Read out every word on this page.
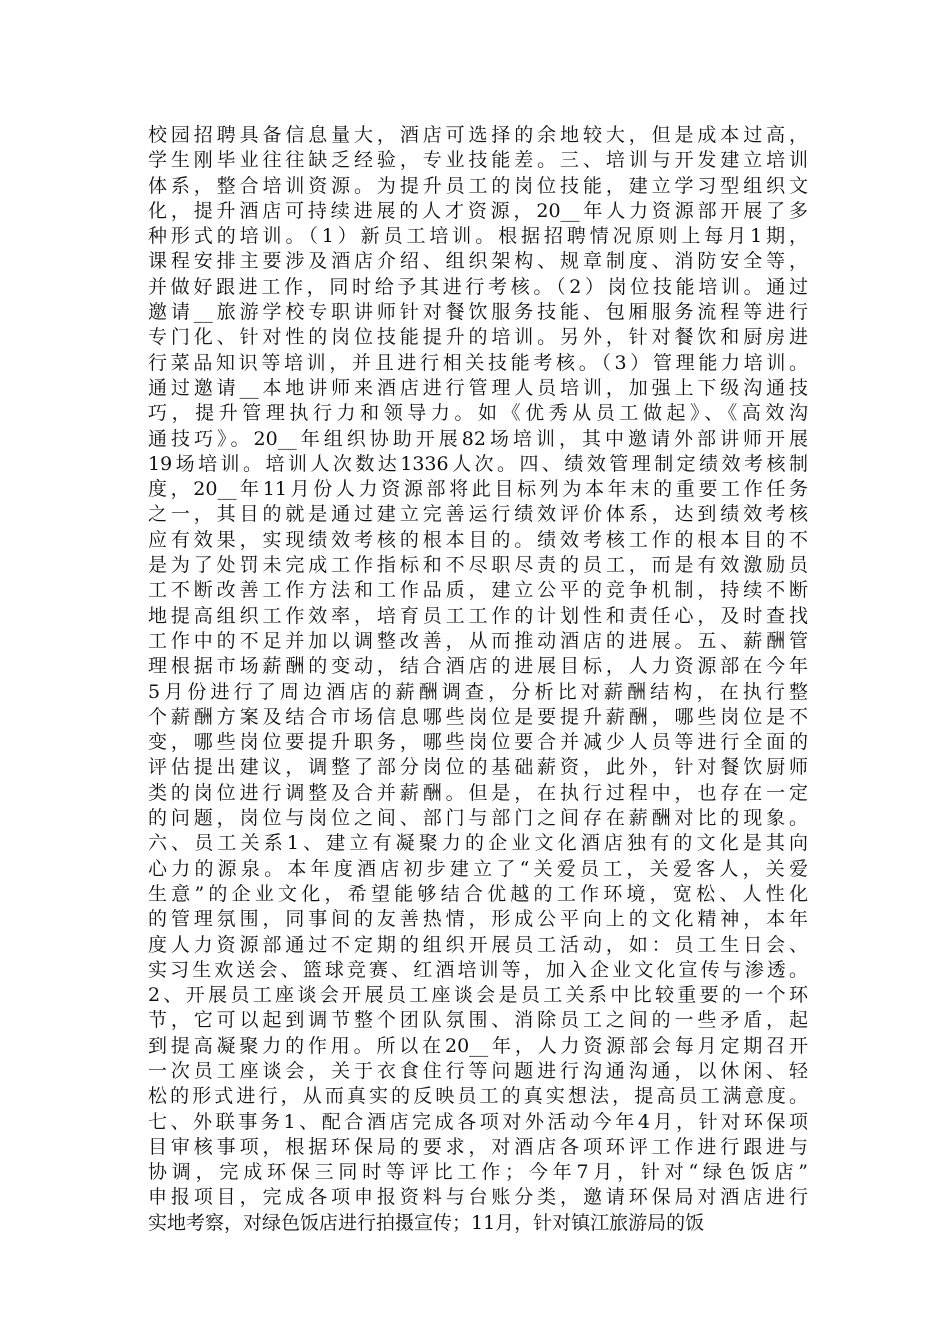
校园招聘具备信息量大，酒店可选择的余地较大，但是成本过高，
学生刚毕业往往缺乏经验，专业技能差。三、培训与开发建立培训
体系，整合培训资源。为提升员工的岗位技能，建立学习型组织文
化，提升酒店可持续进展的人才资源，20__年人力资源部开展了多
种形式的培训。（1）新员工培训。根据招聘情况原则上每月1期，
课程安排主要涉及酒店介绍、组织架构、规章制度、消防安全等，
并做好跟进工作，同时给予其进行考核。（2）岗位技能培训。通过
邀请__旅游学校专职讲师针对餐饮服务技能、包厢服务流程等进行
专门化、针对性的岗位技能提升的培训。另外，针对餐饮和厨房进
行菜品知识等培训，并且进行相关技能考核。（3）管理能力培训。
通过邀请__本地讲师来酒店进行管理人员培训，加强上下级沟通技
巧，提升管理执行力和领导力。如《优秀从员工做起》、《高效沟
通技巧》。20__年组织协助开展82场培训，其中邀请外部讲师开展
19场培训。培训人次数达1336人次。四、绩效管理制定绩效考核制
度，20__年11月份人力资源部将此目标列为本年末的重要工作任务
之一，其目的就是通过建立完善运行绩效评价体系，达到绩效考核
应有效果，实现绩效考核的根本目的。绩效考核工作的根本目的不
是为了处罚未完成工作指标和不尽职尽责的员工，而是有效激励员
工不断改善工作方法和工作品质，建立公平的竞争机制，持续不断
地提高组织工作效率，培育员工工作的计划性和责任心，及时查找
工作中的不足并加以调整改善，从而推动酒店的进展。五、薪酬管
理根据市场薪酬的变动，结合酒店的进展目标，人力资源部在今年
5月份进行了周边酒店的薪酬调查，分析比对薪酬结构，在执行整
个薪酬方案及结合市场信息哪些岗位是要提升薪酬，哪些岗位是不
变，哪些岗位要提升职务，哪些岗位要合并减少人员等进行全面的
评估提出建议，调整了部分岗位的基础薪资，此外，针对餐饮厨师
类的岗位进行调整及合并薪酬。但是，在执行过程中，也存在一定
的问题，岗位与岗位之间、部门与部门之间存在薪酬对比的现象。
六、员工关系1、建立有凝聚力的企业文化酒店独有的文化是其向
心力的源泉。本年度酒店初步建立了“关爱员工，关爱客人，关爱
生意”的企业文化，希望能够结合优越的工作环境，宽松、人性化
的管理氛围，同事间的友善热情，形成公平向上的文化精神，本年
度人力资源部通过不定期的组织开展员工活动，如：员工生日会、
实习生欢送会、篮球竞赛、红酒培训等，加入企业文化宣传与渗透。
2、开展员工座谈会开展员工座谈会是员工关系中比较重要的一个环
节，它可以起到调节整个团队氛围、消除员工之间的一些矛盾，起
到提高凝聚力的作用。所以在20__年，人力资源部会每月定期召开
一次员工座谈会，关于衣食住行等问题进行沟通沟通，以休闲、轻
松的形式进行，从而真实的反映员工的真实想法，提高员工满意度。
七、外联事务1、配合酒店完成各项对外活动今年4月，针对环保项
目审核事项，根据环保局的要求，对酒店各项环评工作进行跟进与
协调，完成环保三同时等评比工作；今年7月，针对“绿色饭店”
申报项目，完成各项申报资料与台账分类，邀请环保局对酒店进行
实地考察，对绿色饭店进行拍摄宣传；11月，针对镇江旅游局的饭
